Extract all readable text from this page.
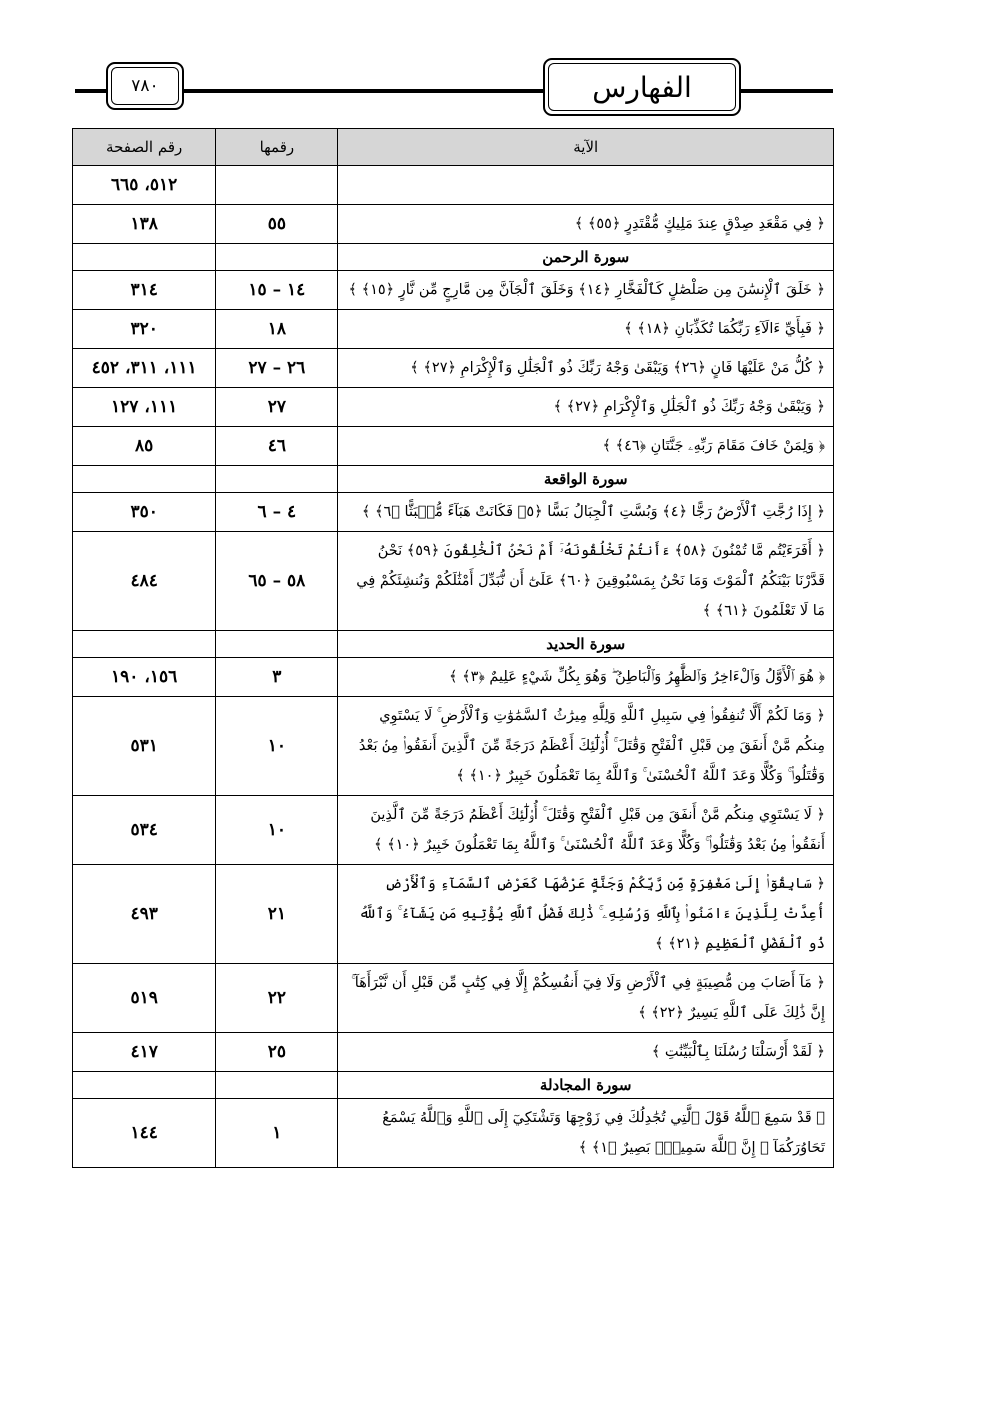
٧٨٠	الفهارس
الآية	رقمها	رقم الصفحة
		٥١٢، ٦٦٥
﴿ فِي مَقْعَدِ صِدْقٍ عِندَ مَلِيكٍ مُّقْتَدِرٍ ﴿٥٥﴾ ﴾	٥٥	١٣٨
سورة الرحمن		
﴿ خَلَقَ ٱلْإِنسَٰنَ مِن صَلْصَٰلٍ كَٱلْفَخَّارِ ﴿١٤﴾ وَخَلَقَ ٱلْجَآنَّ مِن مَّارِجٍ مِّن نَّارٍ ﴿١٥﴾ ﴾	١٤ – ١٥	٣١٤
﴿ فَبِأَيِّ ءَالَآءِ رَبِّكُمَا تُكَذِّبَانِ ﴿١٨﴾ ﴾	١٨	٣٢٠
﴿ كُلُّ مَنْ عَلَيْهَا فَانٍ ﴿٢٦﴾ وَيَبْقَىٰ وَجْهُ رَبِّكَ ذُو ٱلْجَلَٰلِ وَٱلْإِكْرَامِ ﴿٢٧﴾ ﴾	٢٦ – ٢٧	١١١، ٣١١، ٤٥٢
﴿ وَيَبْقَىٰ وَجْهُ رَبِّكَ ذُو ٱلْجَلَٰلِ وَٱلْإِكْرَامِ ﴿٢٧﴾ ﴾	٢٧	١١١، ١٢٧
﴿ وَلِمَنْ خَافَ مَقَامَ رَبِّهِۦ جَنَّتَانِ ﴿٤٦﴾ ﴾	٤٦	٨٥
سورة الواقعة		
﴿ إِذَا رُجَّتِ ٱلْأَرْضُ رَجًّا ﴿٤﴾ وَبُسَّتِ ٱلْجِبَالُ بَسًّا ﴿٥﴾ فَكَانَتْ هَبَآءً مُّنۢبَثًّا ﴿٦﴾ ﴾	٤ – ٦	٣٥٠
﴿ أَفَرَءَيْتُم مَّا تُمْنُونَ ﴿٥٨﴾ ءَأَنتُمْ تَخْلُقُونَهُۥٓ أَمْ نَحْنُ ٱلْخَٰلِقُونَ ﴿٥٩﴾ نَحْنُ قَدَّرْنَا بَيْنَكُمُ ٱلْمَوْتَ وَمَا نَحْنُ بِمَسْبُوقِينَ ﴿٦٠﴾ عَلَىٰٓ أَن نُّبَدِّلَ أَمْثَٰلَكُمْ وَنُنشِئَكُمْ فِي مَا لَا تَعْلَمُونَ ﴿٦١﴾ ﴾	٥٨ – ٦٥	٤٨٤
سورة الحديد		
﴿ هُوَ ٱلْأَوَّلُ وَٱلْءَاخِرُ وَٱلظَّٰهِرُ وَٱلْبَاطِنُ ۖ وَهُوَ بِكُلِّ شَيْءٍ عَلِيمٌ ﴿٣﴾ ﴾	٣	١٥٦، ١٩٠
﴿ وَمَا لَكُمْ أَلَّا تُنفِقُوا۟ فِي سَبِيلِ ٱللَّهِ وَلِلَّهِ مِيرَٰثُ ٱلسَّمَٰوَٰتِ وَٱلْأَرْضِ ۚ لَا يَسْتَوِي مِنكُم مَّنْ أَنفَقَ مِن قَبْلِ ٱلْفَتْحِ وَقَٰتَلَ ۚ أُو۟لَٰٓئِكَ أَعْظَمُ دَرَجَةً مِّنَ ٱلَّذِينَ أَنفَقُوا۟ مِنۢ بَعْدُ وَقَٰتَلُوا۟ ۚ وَكُلًّا وَعَدَ ٱللَّهُ ٱلْحُسْنَىٰ ۚ وَٱللَّهُ بِمَا تَعْمَلُونَ خَبِيرٌ ﴿١٠﴾ ﴾	١٠	٥٣١
﴿ لَا يَسْتَوِي مِنكُم مَّنْ أَنفَقَ مِن قَبْلِ ٱلْفَتْحِ وَقَٰتَلَ ۚ أُو۟لَٰٓئِكَ أَعْظَمُ دَرَجَةً مِّنَ ٱلَّذِينَ أَنفَقُوا۟ مِنۢ بَعْدُ وَقَٰتَلُوا۟ ۚ وَكُلًّا وَعَدَ ٱللَّهُ ٱلْحُسْنَىٰ ۚ وَٱللَّهُ بِمَا تَعْمَلُونَ خَبِيرٌ ﴿١٠﴾ ﴾	١٠	٥٣٤
﴿ سَابِقُوٓا۟ إِلَىٰ مَغْفِرَةٍ مِّن رَّبِّكُمْ وَجَنَّةٍ عَرْضُهَا كَعَرْضِ ٱلسَّمَآءِ وَٱلْأَرْضِ أُعِدَّتْ لِلَّذِينَ ءَامَنُوا۟ بِٱللَّهِ وَرُسُلِهِۦ ۚ ذَٰلِكَ فَضْلُ ٱللَّهِ يُؤْتِيهِ مَن يَشَآءُ ۚ وَٱللَّهُ ذُو ٱلْفَضْلِ ٱلْعَظِيمِ ﴿٢١﴾ ﴾	٢١	٤٩٣
﴿ مَآ أَصَابَ مِن مُّصِيبَةٍ فِي ٱلْأَرْضِ وَلَا فِيٓ أَنفُسِكُمْ إِلَّا فِي كِتَٰبٍ مِّن قَبْلِ أَن نَّبْرَأَهَآ ۚ إِنَّ ذَٰلِكَ عَلَى ٱللَّهِ يَسِيرٌ ﴿٢٢﴾ ﴾	٢٢	٥١٩
﴿ لَقَدْ أَرْسَلْنَا رُسُلَنَا بِٱلْبَيِّنَٰتِ ﴾	٢٥	٤١٧
سورة المجادلة		
﴿ قَدْ سَمِعَ ٱللَّهُ قَوْلَ ٱلَّتِي تُجَٰدِلُكَ فِي زَوْجِهَا وَتَشْتَكِيٓ إِلَى ٱللَّهِ وَٱللَّهُ يَسْمَعُ تَحَاوُرَكُمَآ ۚ إِنَّ ٱللَّهَ سَمِيعٌۢ بَصِيرٌ ﴿١﴾ ﴾	١	١٤٤
